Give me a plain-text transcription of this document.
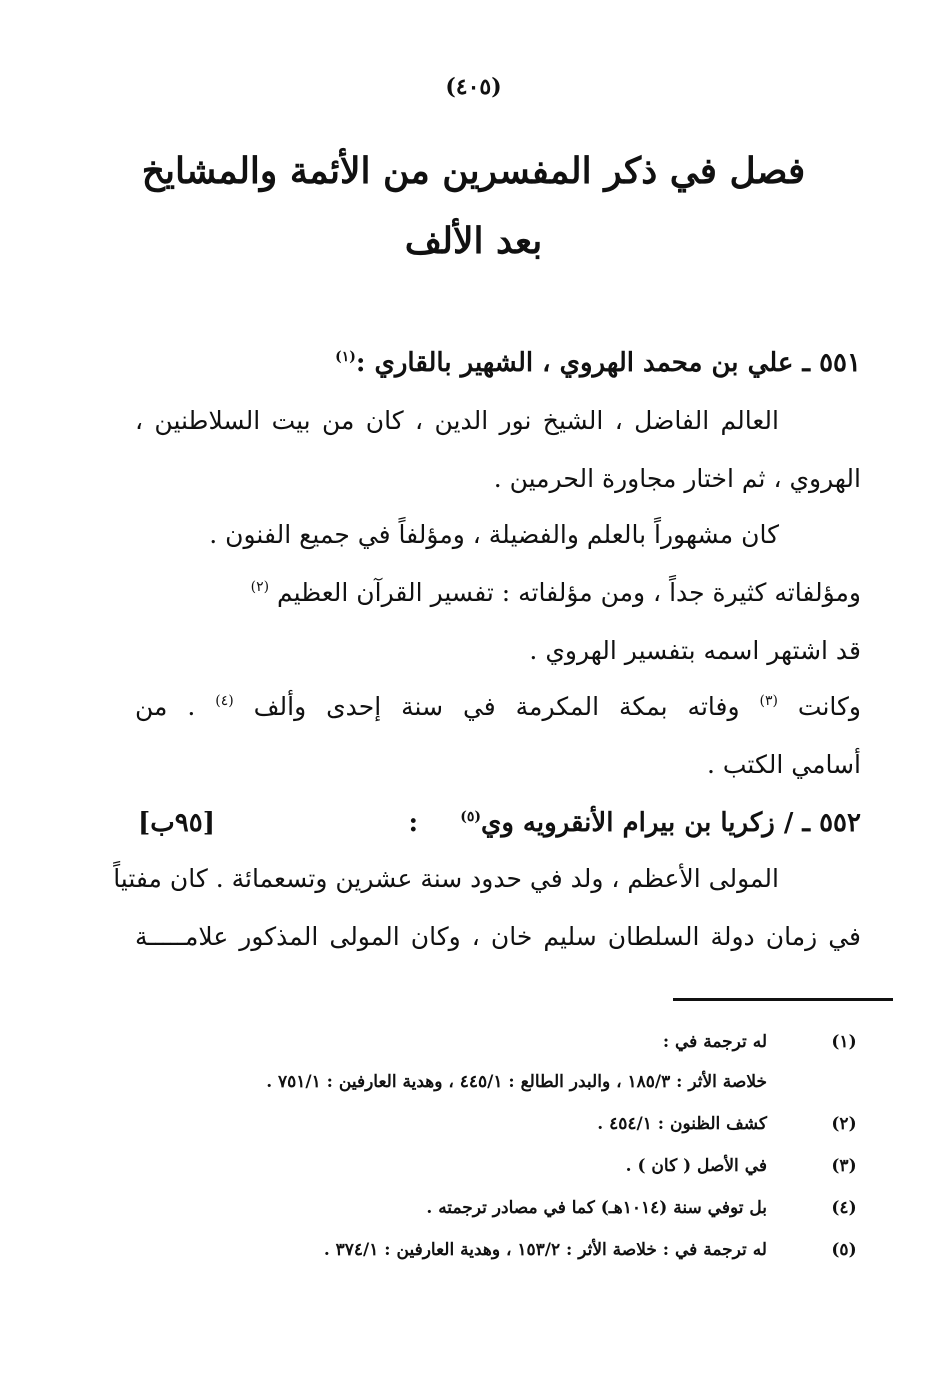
(٤٠٥)
فصل في ذكر المفسرين من الأئمة والمشايخ
بعد الألف
٥٥١ ـ علي بن محمد الهروي ، الشهير بالقاري :$^{(١)}$
العالم الفاضل ، الشيخ نور الدين ، كان من بيت السلاطنين ،
الهروي ، ثم اختار مجاورة الحرمين .
كان مشهوراً بالعلم والفضيلة ، ومؤلفاً في جميع الفنون .
ومؤلفاته كثيرة جداً ، ومن مؤلفاته : تفسير القرآن العظيم $^{(٢)}$
قد اشتهر اسمه بتفسير الهروي .
وكانت $^{(٣)}$ وفاته بمكة المكرمة في سنة إحدى وألف $^{(٤)}$ . من
أسامي الكتب .
٥٥٢ ـ / زكريا بن بيرام الأنقرويه وي$^{(٥)}$  :
[٩٥ب]
المولى الأعظم ، ولد في حدود سنة عشرين وتسعمائة . كان مفتياً
في زمان دولة السلطان سليم خان ، وكان المولى المذكور علامـــــة
(١)
له ترجمة في :
خلاصة الأثر : ١٨٥/٣ ، والبدر الطالع : ٤٤٥/١ ، وهدية العارفين : ٧٥١/١ .
(٢)
كشف الظنون : ٤٥٤/١ .
(٣)
في الأصل ( كان ) .
(٤)
بل توفي سنة (١٠١٤هـ) كما في مصادر ترجمته .
(٥)
له ترجمة في : خلاصة الأثر : ١٥٣/٢ ، وهدية العارفين : ٣٧٤/١ .
